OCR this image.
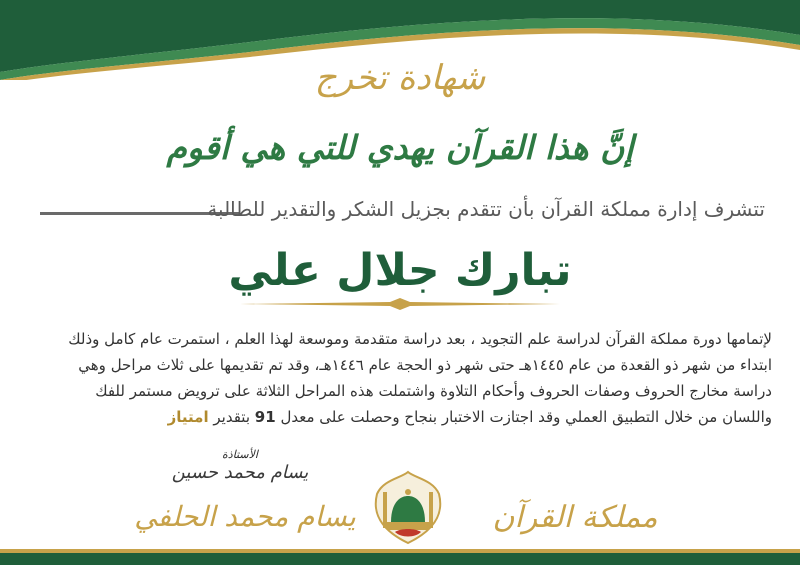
شهادة تخرج
إنَّ هذا القرآن يهدي للتي هي أقوم
تتشرف إدارة مملكة القرآن بأن تتقدم بجزيل الشكر والتقدير للطالبة
تبارك جلال علي
لإتمامها دورة مملكة القرآن لدراسة علم التجويد ، بعد دراسة متقدمة وموسعة لهذا العلم ، استمرت عام كامل وذلك
ابتداء من شهر ذو القعدة من عام ١٤٤٥هـ حتى شهر ذو الحجة عام ١٤٤٦هـ، وقد تم تقديمها على ثلاث مراحل وهي
دراسة مخارج الحروف وصفات الحروف وأحكام التلاوة واشتملت هذه المراحل الثلاثة على ترويض مستمر للفك
واللسان من خلال التطبيق العملي وقد اجتازت الاختبار بنجاح وحصلت على معدل 91 بتقدير امتياز
الأستاذة
يسام محمد حسين
يسام محمد الحلفي	مملكة القرآن
